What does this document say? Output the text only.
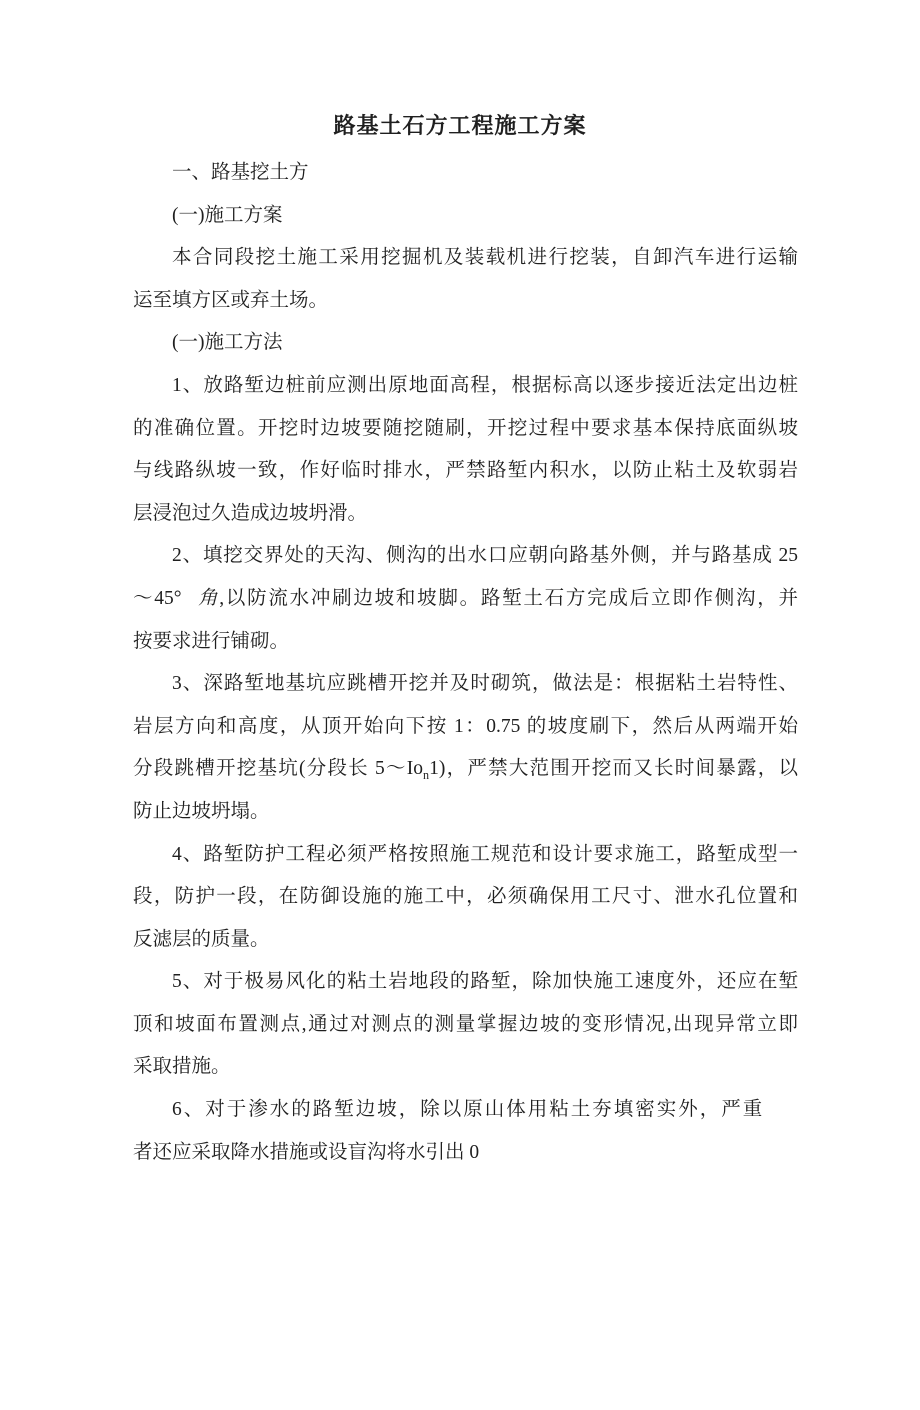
路基土石方工程施工方案
一、路基挖土方
(一)施工方案
本合同段挖土施工采用挖掘机及装载机进行挖装，自卸汽车进行运输
运至填方区或弃土场。
(一)施工方法
1、放路堑边桩前应测出原地面高程，根据标高以逐步接近法定出边桩
的准确位置。开挖时边坡要随挖随刷，开挖过程中要求基本保持底面纵坡
与线路纵坡一致，作好临时排水，严禁路堑内积水，以防止粘土及软弱岩
层浸泡过久造成边坡坍滑。
2、填挖交界处的天沟、侧沟的出水口应朝向路基外侧，并与路基成 25
～45° 角,以防流水冲刷边坡和坡脚。路堑土石方完成后立即作侧沟，并
按要求进行铺砌。
3、深路堑地基坑应跳槽开挖并及时砌筑，做法是：根据粘土岩特性、
岩层方向和高度，从顶开始向下按 1：0.75 的坡度刷下，然后从两端开始
分段跳槽开挖基坑(分段长 $5\sim Io_n1$)，严禁大范围开挖而又长时间暴露，以
防止边坡坍塌。
4、路堑防护工程必须严格按照施工规范和设计要求施工，路堑成型一
段，防护一段，在防御设施的施工中，必须确保用工尺寸、泄水孔位置和
反滤层的质量。
5、对于极易风化的粘土岩地段的路堑，除加快施工速度外，还应在堑
顶和坡面布置测点,通过对测点的测量掌握边坡的变形情况,出现异常立即
采取措施。
6、对于渗水的路堑边坡，除以原山体用粘土夯填密实外，严重
者还应采取降水措施或设盲沟将水引出 0
